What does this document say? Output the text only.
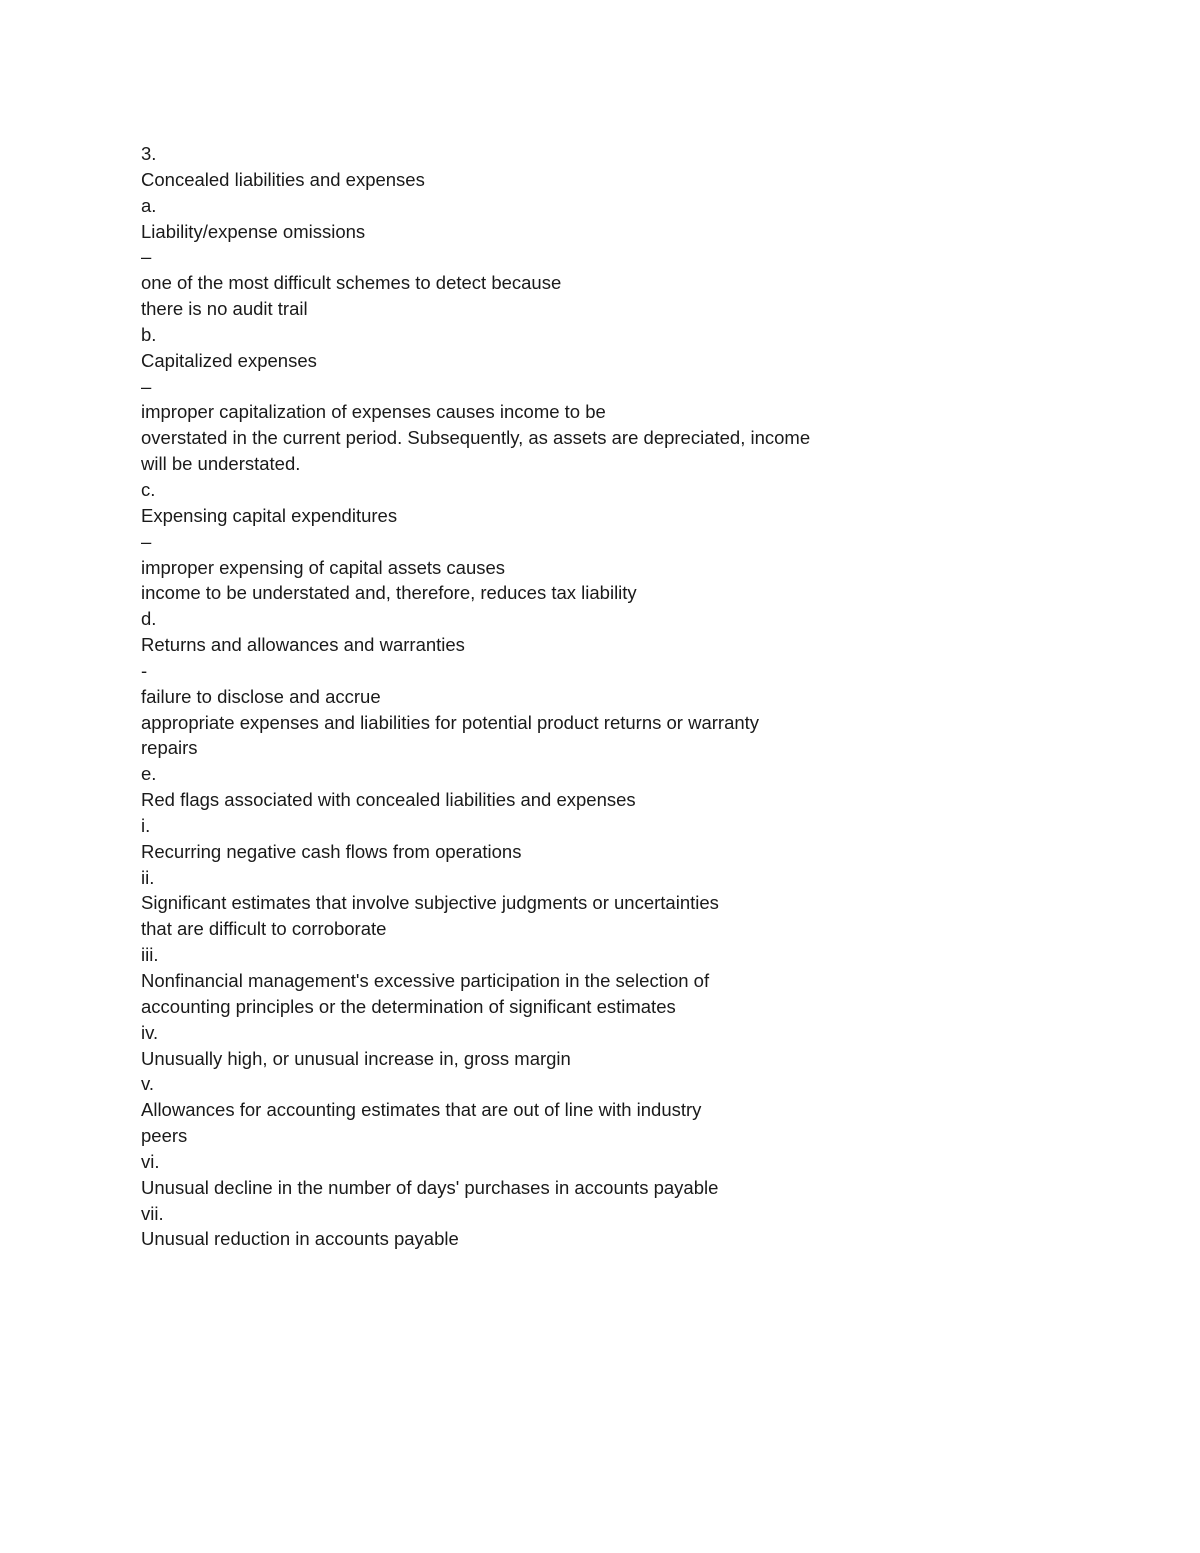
3.
Concealed liabilities and expenses
a.
Liability/expense omissions
–
one of the most difficult schemes to detect because
there is no audit trail
b.
Capitalized expenses
–
improper capitalization of expenses causes income to be
overstated in the current period. Subsequently, as assets are depreciated, income
will be understated.
c.
Expensing capital expenditures
–
improper expensing of capital assets causes
income to be understated and, therefore, reduces tax liability
d.
Returns and allowances and warranties
-
failure to disclose and accrue
appropriate expenses and liabilities for potential product returns or warranty
repairs
e.
Red flags associated with concealed liabilities and expenses
i.
Recurring negative cash flows from operations
ii.
Significant estimates that involve subjective judgments or uncertainties
that are difficult to corroborate
iii.
Nonfinancial management's excessive participation in the selection of
accounting principles or the determination of significant estimates
iv.
Unusually high, or unusual increase in, gross margin
v.
Allowances for accounting estimates that are out of line with industry
peers
vi.
Unusual decline in the number of days' purchases in accounts payable
vii.
Unusual reduction in accounts payable
